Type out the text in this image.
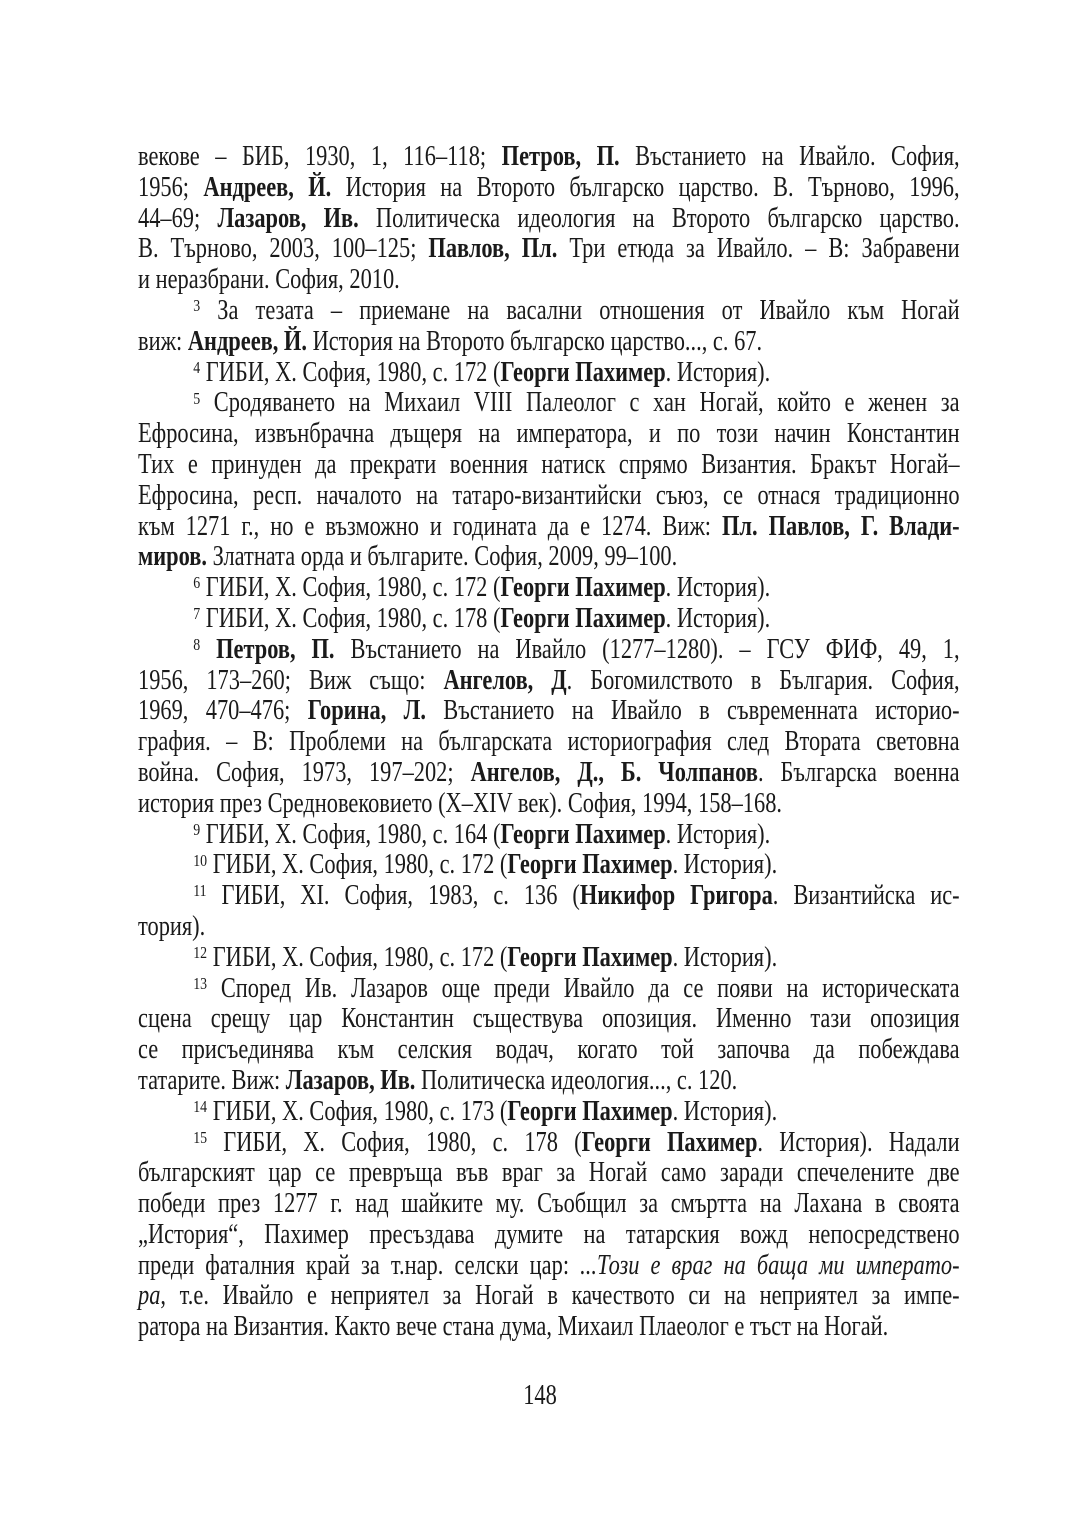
векове – БИБ, 1930, 1, 116–118; Петров, П. Въстанието на Ивайло. София,
1956; Андреев, Й. История на Второто българско царство. В. Търново, 1996,
44–69; Лазаров, Ив. Политическа идеология на Второто българско царство.
В. Търново, 2003, 100–125; Павлов, Пл. Три етюда за Ивайло. – В: Забравени
и неразбрани. София, 2010.

$^3$ За тезата – приемане на васални отношения от Ивайло към Ногай
виж: Андреев, Й. История на Второто българско царство..., с. 67.

$^4$ ГИБИ, X. София, 1980, с. 172 (Георги Пахимер. История).

$^5$ Сродяването на Михаил VIII Палеолог с хан Ногай, който е женен за
Ефросина, извънбрачна дъщеря на императора, и по този начин Константин
Тих е принуден да прекрати военния натиск спрямо Византия. Бракът Ногай–
Ефросина, респ. началото на татаро-византийски съюз, се отнася традиционно
към 1271 г., но е възможно и годината да е 1274. Виж: Пл. Павлов, Г. Влади-
миров. Златната орда и българите. София, 2009, 99–100.

$^6$ ГИБИ, X. София, 1980, с. 172 (Георги Пахимер. История).

$^7$ ГИБИ, X. София, 1980, с. 178 (Георги Пахимер. История).

$^8$ Петров, П. Въстанието на Ивайло (1277–1280). – ГСУ ФИФ, 49, 1,
1956, 173–260; Виж също: Ангелов, Д. Богомилството в България. София,
1969, 470–476; Горина, Л. Въстанието на Ивайло в съвременната историо-
графия. – В: Проблеми на българската историография след Втората световна
война. София, 1973, 197–202; Ангелов, Д., Б. Чолпанов. Българска военна
история през Средновековието (X–XIV век). София, 1994, 158–168.

$^9$ ГИБИ, X. София, 1980, с. 164 (Георги Пахимер. История).

$^{10}$ ГИБИ, X. София, 1980, с. 172 (Георги Пахимер. История).

$^{11}$ ГИБИ, XI. София, 1983, с. 136 (Никифор Григора. Византийска ис-
тория).

$^{12}$ ГИБИ, X. София, 1980, с. 172 (Георги Пахимер. История).

$^{13}$ Според Ив. Лазаров още преди Ивайло да се появи на историческата
сцена срещу цар Константин съществува опозиция. Именно тази опозиция
се присъединява към селския водач, когато той започва да побеждава
татарите. Виж: Лазаров, Ив. Политическа идеология..., с. 120.

$^{14}$ ГИБИ, X. София, 1980, с. 173 (Георги Пахимер. История).

$^{15}$ ГИБИ, X. София, 1980, с. 178 (Георги Пахимер. История). Надали
българският цар се превръща във враг за Ногай само заради спечелените две
победи през 1277 г. над шайките му. Съобщил за смъртта на Лахана в своята
„История“, Пахимер пресъздава думите на татарския вожд непосредствено
преди фаталния край за т.нар. селски цар: ...Този е враг на баща ми императо-
ра, т.е. Ивайло е неприятел за Ногай в качеството си на неприятел за импе-
ратора на Византия. Както вече стана дума, Михаил Плаеолог е тъст на Ногай.

148
